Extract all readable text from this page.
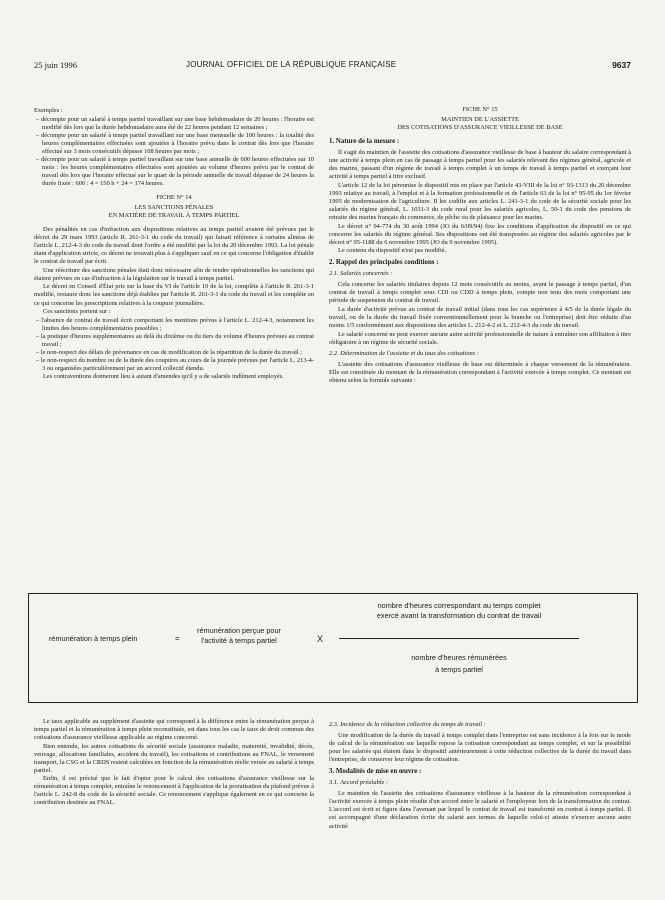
25 juin 1996	JOURNAL OFFICIEL DE LA RÉPUBLIQUE FRANÇAISE	9637

Exemples :

– décompte pour un salarié à temps partiel travaillant sur une base hebdomadaire de 20 heures : l'horaire est modifié dès lors que la durée hebdomadaire aura été de 22 heures pendant 12 semaines ;
– décompte pour un salarié à temps partiel travaillant sur une base mensuelle de 100 heures : la totalité des heures complémentaires effectuées sont ajoutées à l'horaire prévu dans le contrat dès lors que l'horaire effectué sur 3 mois consécutifs dépasse 108 heures par mois ;
– décompte pour un salarié à temps partiel travaillant sur une base annuelle de 600 heures effectuées sur 10 mois : les heures complémentaires effectuées sont ajoutées au volume d'heures prévu par le contrat de travail dès lors que l'horaire effectué sur le quart de la période annuelle de travail dépasse de 24 heures la durée fixée : 600 : 4 = 150 h + 24 = 174 heures.

FICHE N° 14

LES SANCTIONS PÉNALES
EN MATIÈRE DE TRAVAIL À TEMPS PARTIEL

Des pénalités en cas d'infraction aux dispositions relatives au temps partiel avaient été prévues par le décret du 29 mars 1993 (article R. 261-3-1 du code du travail) qui faisait référence à certains alinéas de l'article L. 212-4-3 du code du travail dont l'ordre a été modifié par la loi du 20 décembre 1993. La loi pénale étant d'application stricte, ce décret ne trouvait plus à s'appliquer sauf en ce qui concerne l'obligation d'établir le contrat de travail par écrit.

Une réécriture des sanctions pénales était donc nécessaire afin de rendre opérationnelles les sanctions qui étaient prévues en cas d'infraction à la législation sur le travail à temps partiel.

Le décret en Conseil d'État pris sur la base du VI de l'article 10 de la loi, complète à l'article R. 261-3-1 modifié, restaure donc les sanctions déjà établies par l'article R. 261-3-1 du code du travail et les complète en ce qui concerne les prescriptions relatives à la coupure journalière.

Ces sanctions portent sur :

– l'absence de contrat de travail écrit comportant les mentions prévus à l'article L. 212-4-3, notamment les limites des heures complémentaires possibles ;
– la pratique d'heures supplémentaires au delà du dixième ou du tiers du volume d'heures prévues au contrat travail ;
– le non-respect des délais de prévenance en cas de modification de la répartition de la durée du travail ;
– le non-respect du nombre ou de la durée des coupures au cours de la journée prévues par l'article L. 213-4-3 ou organisées particulièrement par un accord collectif étendu.

Les contraventions donneront lieu à autant d'amendes qu'il y a de salariés indûment employés.

FICHE N° 15

MAINTIEN DE L'ASSIETTE
DES COTISATIONS D'ASSURANCE VIEILLESSE DE BASE

1. Nature de la mesure :

Il s'agit du maintien de l'assiette des cotisations d'assurance vieillesse de base à hauteur du salaire correspondant à une activité à temps plein en cas de passage à temps partiel pour les salariés relevant des régimes général, agricole et des marins, passant d'un régime de travail à temps complet à un temps de travail à temps partiel et exerçant leur activité à temps partiel à titre exclusif.

L'article 12 de la loi pérennise le dispositif mis en place par l'article 43-VIII de la loi n° 93-1313 du 20 décembre 1993 relative au travail, à l'emploi et à la formation professionnelle et de l'article 63 de la loi n° 95-95 du 1er février 1995 de modernisation de l'agriculture. Il les codifie aux articles L. 241-3-1 du code de la sécurité sociale pour les salariés du régime général, L. 1031-3 du code rural pour les salariés agricoles, L. 50-1 du code des pensions de retraite des marins français du commerce, de pêche ou de plaisance pour les marins.

Le décret n° 94-774 du 30 août 1994 (JO du 6/09/94) fixe les conditions d'application du dispositif en ce qui concerne les salariés du régime général. Ses dispositions ont été transposées au régime des salariés agricoles par le décret n° 95-1188 du 6 novembre 1995 (JO du 9 novembre 1995).

Le contenu du dispositif n'est pas modifié.

2. Rappel des principales conditions :

2.1. Salariés concernés :

Cela concerne les salariés titulaires depuis 12 mois consécutifs au moins, avant le passage à temps partiel, d'un contrat de travail à temps complet sous CDI ou CDD à temps plein, compte non tenu des mois comportant une période de suspension du contrat de travail.

La durée d'activité prévue au contrat de travail initial (dans tous les cas supérieure à 4/5 de la durée légale du travail, ou de la durée du travail fixée conventionnellement pour la branche ou l'entreprise) doit être réduite d'au moins 1/5 conformément aux dispositions des articles L. 212-4-2 et L. 212-4-3 du code du travail.

Le salarié concerné ne peut exercer aucune autre activité professionnelle de nature à entraîner son affiliation à titre obligatoire à un régime de sécurité sociale.

2.2. Détermination de l'assiette et du taux des cotisations :

L'assiette des cotisations d'assurance vieillesse de base est déterminée à chaque versement de la rémunération. Elle est constituée du montant de la rémunération correspondant à l'activité exercée à temps complet. Ce montant est obtenu selon la formule suivante :

rémunération à temps plein	=
rémunération perçue pour
l'activité à temps partiel	X
nombre d'heures correspondant au temps complet
exercé avant la transformation du contrat de travail
nombre d'heures rémunérées
à temps partiel

Le taux applicable au supplément d'assiette qui correspond à la différence entre la rémunération perçue à temps partiel et la rémunération à temps plein reconstituée, est dans tous les cas le taux de droit commun des cotisations d'assurance vieillesse applicable au régime concerné.

Bien entendu, les autres cotisations de sécurité sociale (assurance maladie, maternité, invalidité, décès, veuvage, allocations familiales, accident du travail), les cotisations et contributions au FNAL, le versement transport, la CSG et la CRDS restent calculées en fonction de la rémunération réelle versée au salarié à temps partiel.

Enfin, il est précisé que le fait d'opter pour le calcul des cotisations d'assurance vieillesse sur la rémunération à temps complet, entraîne le renoncement à l'application de la proratisation du plafond prévue à l'article L. 242-8 du code de la sécurité sociale. Ce renoncement s'applique également en ce qui concerne la contribution destinée au FNAL.

2.3. Incidence de la réduction collective du temps de travail :

Une modification de la durée du travail à temps complet dans l'entreprise est sans incidence à la fois sur le mode de calcul de la rémunération sur laquelle repose la cotisation correspondant au temps complet, et sur la possibilité pour les salariés qui étaient dans le dispositif antérieurement à cette réduction collective de la durée du travail dans l'entreprise, de conserver leur régime de cotisation.

3. Modalités de mise en œuvre :

3.1. Accord préalable :

Le maintien de l'assiette des cotisations d'assurance vieillesse à la hauteur de la rémunération correspondant à l'activité exercée à temps plein résulte d'un accord entre le salarié et l'employeur lors de la transformation du contrat. L'accord est écrit et figure dans l'avenant par lequel le contrat de travail est transformé en contrat à temps partiel. Il est accompagné d'une déclaration écrite du salarié aux termes de laquelle celui-ci atteste n'exercer aucune autre activité
